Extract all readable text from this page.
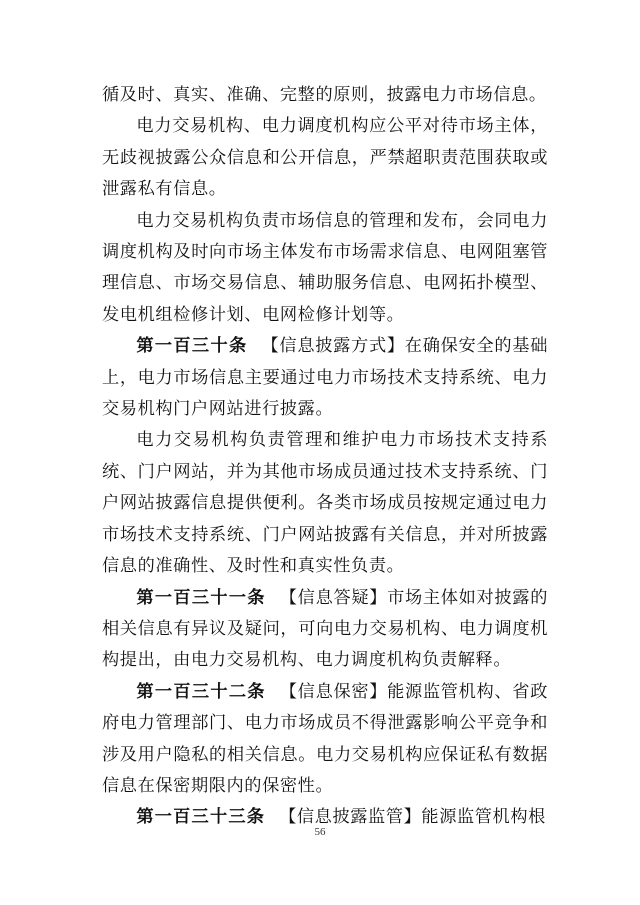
循及时、真实、准确、完整的原则，披露电力市场信息。

电力交易机构、电力调度机构应公平对待市场主体，无歧视披露公众信息和公开信息，严禁超职责范围获取或泄露私有信息。

电力交易机构负责市场信息的管理和发布，会同电力调度机构及时向市场主体发布市场需求信息、电网阻塞管理信息、市场交易信息、辅助服务信息、电网拓扑模型、发电机组检修计划、电网检修计划等。

第一百三十条 【信息披露方式】在确保安全的基础上，电力市场信息主要通过电力市场技术支持系统、电力交易机构门户网站进行披露。

电力交易机构负责管理和维护电力市场技术支持系统、门户网站，并为其他市场成员通过技术支持系统、门户网站披露信息提供便利。各类市场成员按规定通过电力市场技术支持系统、门户网站披露有关信息，并对所披露信息的准确性、及时性和真实性负责。

第一百三十一条 【信息答疑】市场主体如对披露的相关信息有异议及疑问，可向电力交易机构、电力调度机构提出，由电力交易机构、电力调度机构负责解释。

第一百三十二条 【信息保密】能源监管机构、省政府电力管理部门、电力市场成员不得泄露影响公平竞争和涉及用户隐私的相关信息。电力交易机构应保证私有数据信息在保密期限内的保密性。

第一百三十三条 【信息披露监管】能源监管机构根

56
